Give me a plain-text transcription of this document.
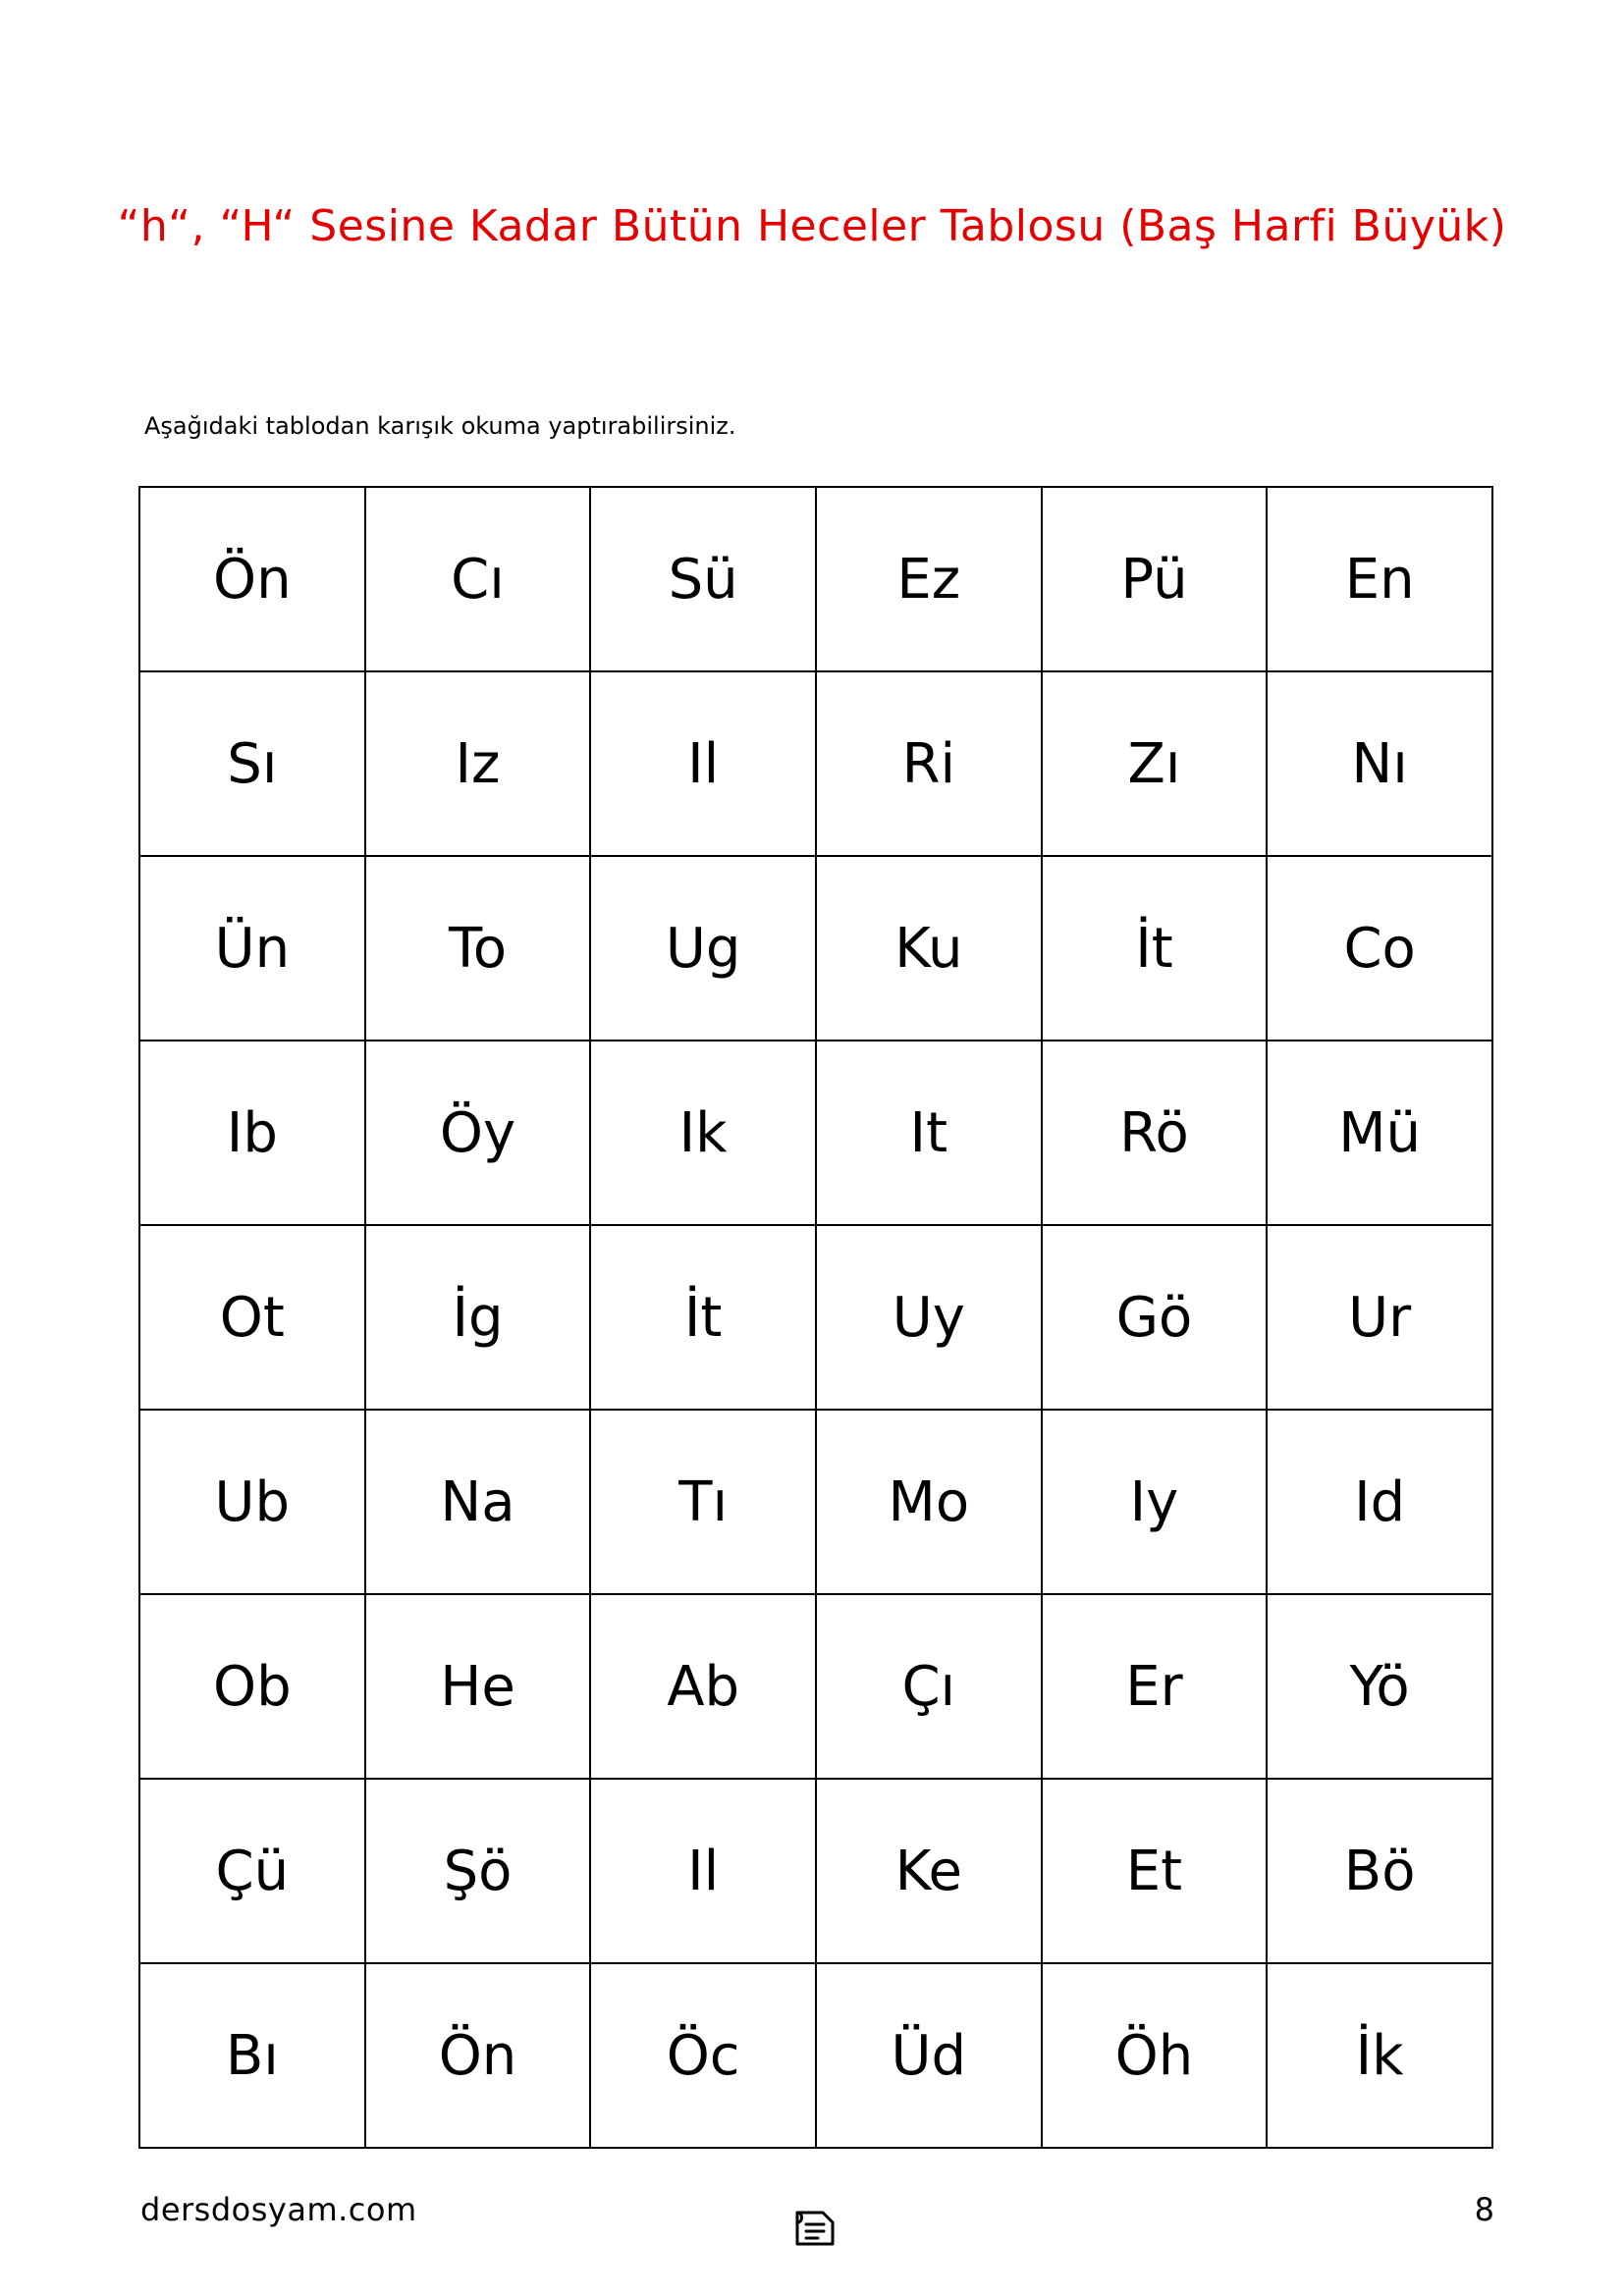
“h“, “H“ Sesine Kadar Bütün Heceler Tablosu (Baş Harfi Büyük)
Aşağıdaki tablodan karışık okuma yaptırabilirsiniz.
Ön	Cı	Sü	Ez	Pü	En
Sı	Iz	Il	Ri	Zı	Nı
Ün	To	Ug	Ku	İt	Co
Ib	Öy	Ik	It	Rö	Mü
Ot	İg	İt	Uy	Gö	Ur
Ub	Na	Tı	Mo	Iy	Id
Ob	He	Ab	Çı	Er	Yö
Çü	Şö	Il	Ke	Et	Bö
Bı	Ön	Öc	Üd	Öh	İk
dersdosyam.com	8
